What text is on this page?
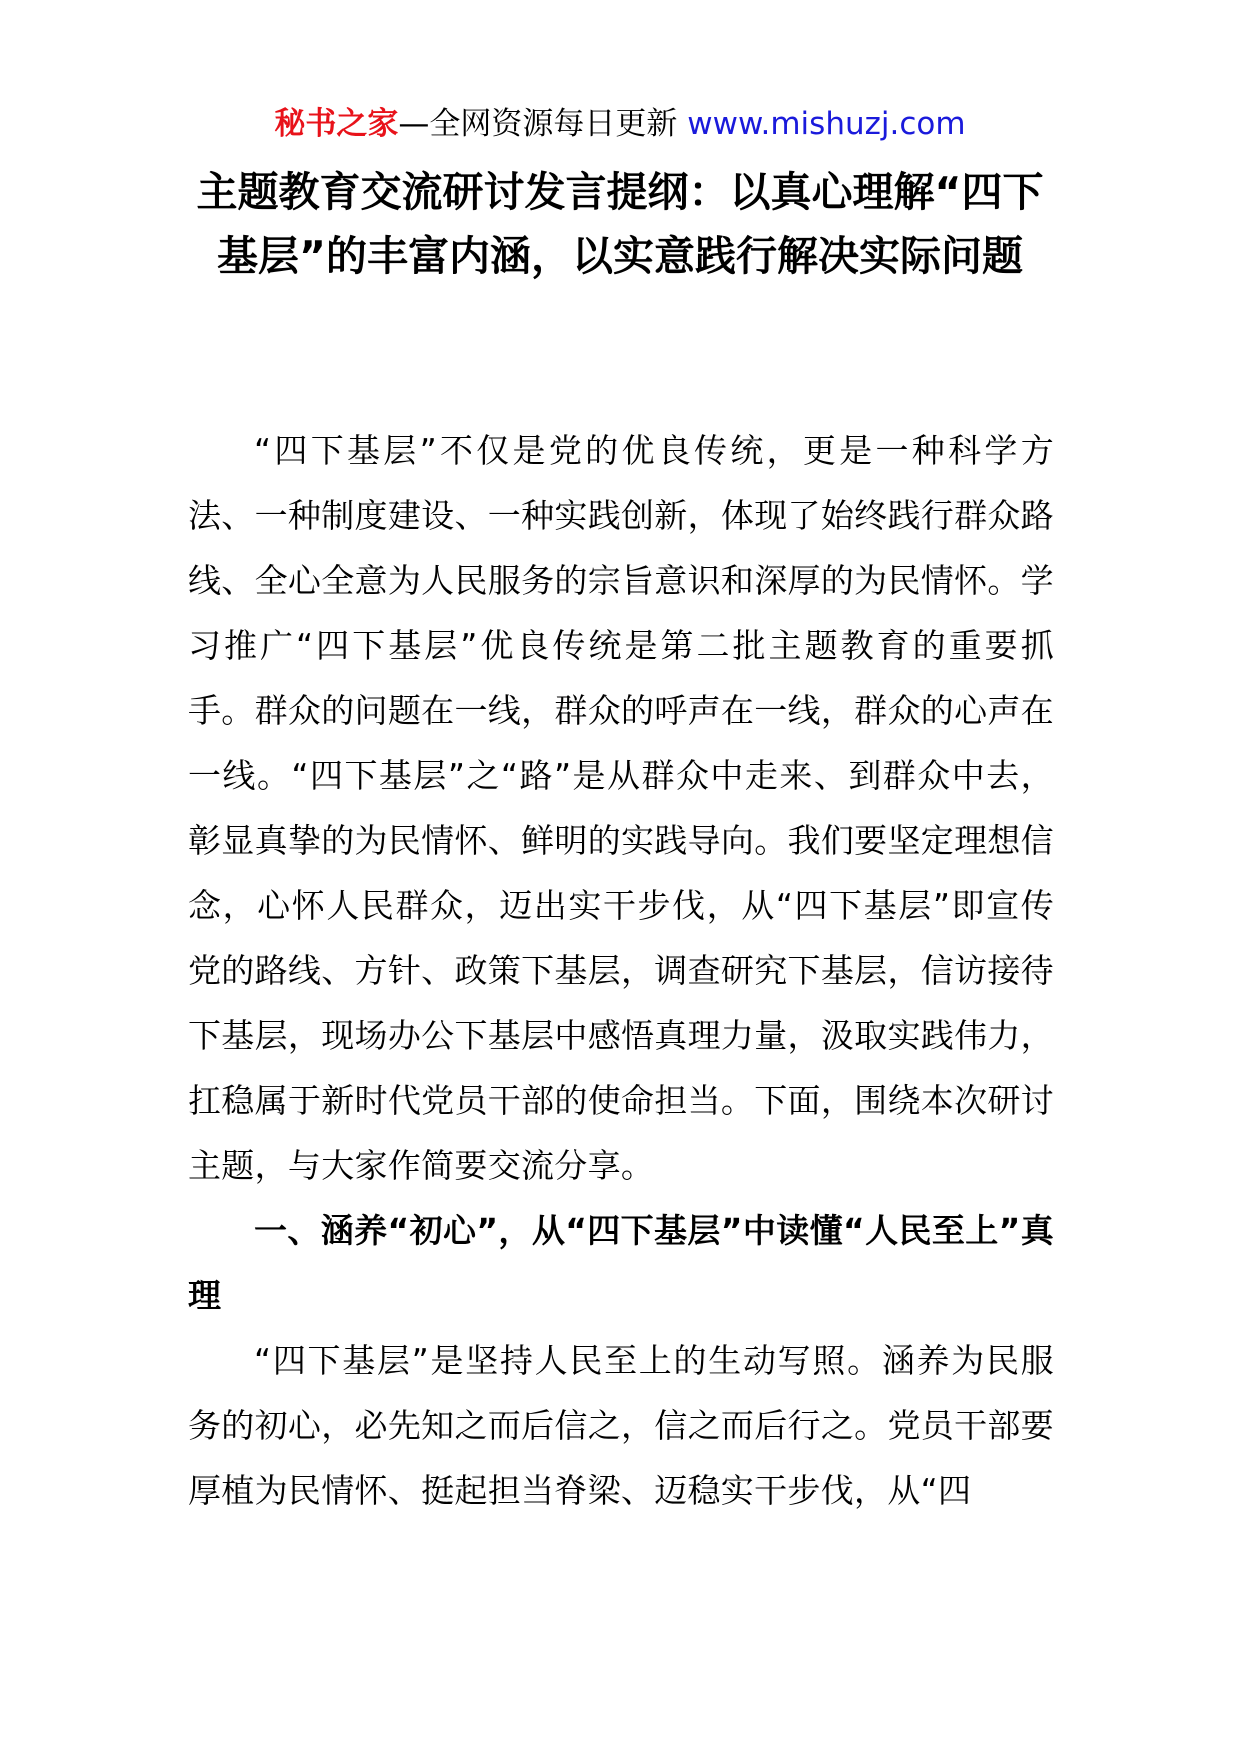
秘书之家—全网资源每日更新 www.mishuzj.com
主题教育交流研讨发言提纲：以真心理解“四下基层”的丰富内涵，以实意践行解决实际问题

“四下基层”不仅是党的优良传统，更是一种科学方法、一种制度建设、一种实践创新，体现了始终践行群众路线、全心全意为人民服务的宗旨意识和深厚的为民情怀。学习推广“四下基层”优良传统是第二批主题教育的重要抓手。群众的问题在一线，群众的呼声在一线，群众的心声在一线。“四下基层”之“路”是从群众中走来、到群众中去，彰显真挚的为民情怀、鲜明的实践导向。我们要坚定理想信念，心怀人民群众，迈出实干步伐，从“四下基层”即宣传党的路线、方针、政策下基层，调查研究下基层，信访接待下基层，现场办公下基层中感悟真理力量，汲取实践伟力，扛稳属于新时代党员干部的使命担当。下面，围绕本次研讨主题，与大家作简要交流分享。

一、涵养“初心”，从“四下基层”中读懂“人民至上”真理

“四下基层”是坚持人民至上的生动写照。涵养为民服务的初心，必先知之而后信之，信之而后行之。党员干部要厚植为民情怀、挺起担当脊梁、迈稳实干步伐，从“四
